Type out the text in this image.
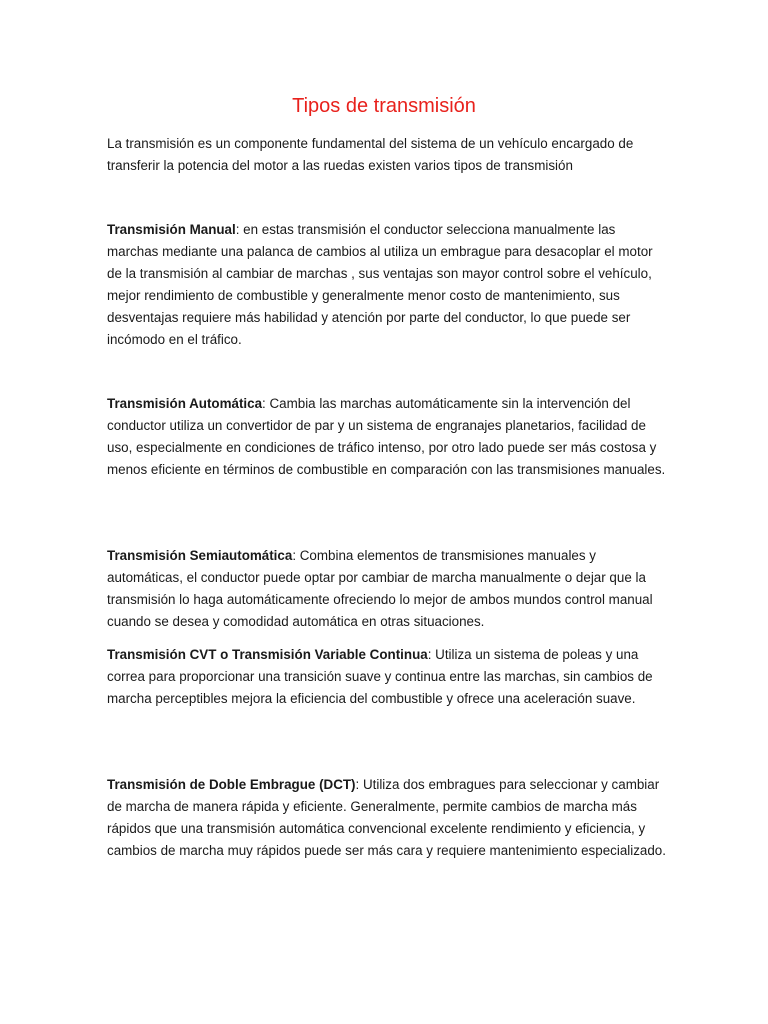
Tipos de transmisión

La transmisión es un componente fundamental del sistema de un vehículo encargado de transferir la potencia del motor a las ruedas existen varios tipos de transmisión

Transmisión Manual: en estas transmisión el conductor selecciona manualmente las marchas mediante una palanca de cambios al utiliza un embrague para desacoplar el motor de la transmisión al cambiar de marchas , sus ventajas son mayor control sobre el vehículo, mejor rendimiento de combustible y generalmente menor costo de mantenimiento, sus desventajas requiere más habilidad y atención por parte del conductor, lo que puede ser incómodo en el tráfico.

Transmisión Automática: Cambia las marchas automáticamente sin la intervención del conductor utiliza un convertidor de par y un sistema de engranajes planetarios, facilidad de uso, especialmente en condiciones de tráfico intenso, por otro lado puede ser más costosa y menos eficiente en términos de combustible en comparación con las transmisiones manuales.

Transmisión Semiautomática: Combina elementos de transmisiones manuales y automáticas, el conductor puede optar por cambiar de marcha manualmente o dejar que la transmisión lo haga automáticamente ofreciendo lo mejor de ambos mundos control manual cuando se desea y comodidad automática en otras situaciones.

Transmisión CVT o Transmisión Variable Continua: Utiliza un sistema de poleas y una correa para proporcionar una transición suave y continua entre las marchas, sin cambios de marcha perceptibles mejora la eficiencia del combustible y ofrece una aceleración suave.

Transmisión de Doble Embrague (DCT): Utiliza dos embragues para seleccionar y cambiar de marcha de manera rápida y eficiente. Generalmente, permite cambios de marcha más rápidos que una transmisión automática convencional excelente rendimiento y eficiencia, y cambios de marcha muy rápidos puede ser más cara y requiere mantenimiento especializado.
